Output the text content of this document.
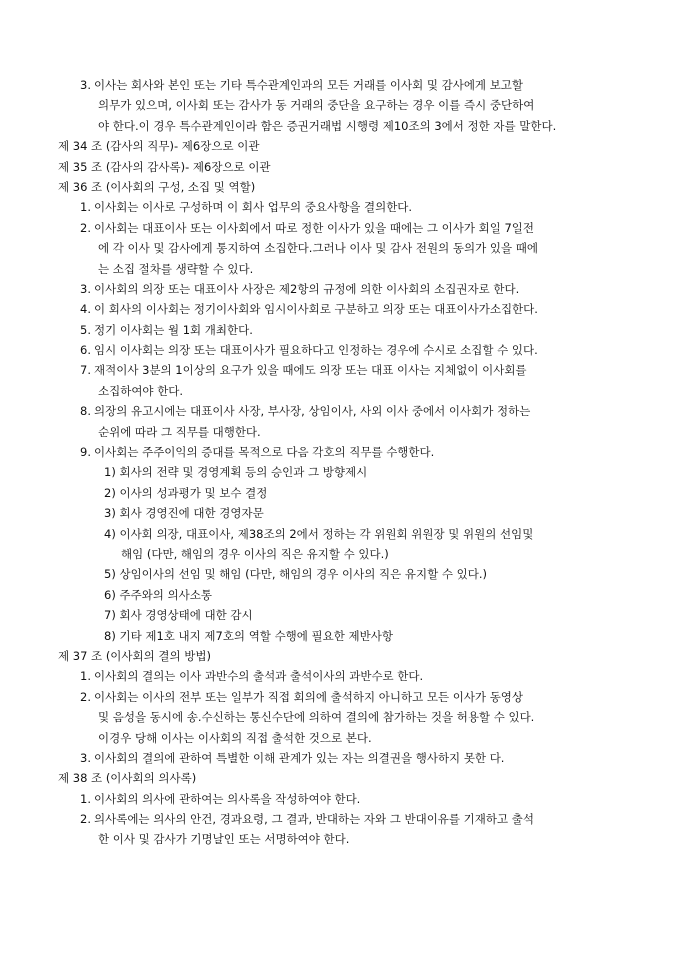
3. 이사는 회사와 본인 또는 기타 특수관계인과의 모든 거래를 이사회 및 감사에게 보고할
의무가 있으며, 이사회 또는 감사가 동 거래의 중단을 요구하는 경우 이를 즉시 중단하여
야 한다.이 경우 특수관계인이라 함은 증권거래법 시행령 제10조의 3에서 정한 자를 말한다.
제 34 조 (감사의 직무)- 제6장으로 이관
제 35 조 (감사의 감사록)- 제6장으로 이관
제 36 조 (이사회의 구성, 소집 및 역할)
1. 이사회는 이사로 구성하며 이 회사 업무의 중요사항을 결의한다.
2. 이사회는 대표이사 또는 이사회에서 따로 정한 이사가 있을 때에는 그 이사가 회일 7일전
에 각 이사 및 감사에게 통지하여 소집한다.그러나 이사 및 감사 전원의 동의가 있을 때에
는 소집 절차를 생략할 수 있다.
3. 이사회의 의장 또는 대표이사 사장은 제2항의 규정에 의한 이사회의 소집권자로 한다.
4. 이 회사의 이사회는 정기이사회와 임시이사회로 구분하고 의장 또는 대표이사가소집한다.
5. 정기 이사회는 월 1회 개최한다.
6. 임시 이사회는 의장 또는 대표이사가 필요하다고 인정하는 경우에 수시로 소집할 수 있다.
7. 재적이사 3분의 1이상의 요구가 있을 때에도 의장 또는 대표 이사는 지체없이 이사회를
소집하여야 한다.
8. 의장의 유고시에는 대표이사 사장, 부사장, 상임이사, 사외 이사 중에서 이사회가 정하는
순위에 따라 그 직무를 대행한다.
9. 이사회는 주주이익의 증대를 목적으로 다음 각호의 직무를 수행한다.
1) 회사의 전략 및 경영계획 등의 승인과 그 방향제시
2) 이사의 성과평가 및 보수 결정
3) 회사 경영진에 대한 경영자문
4) 이사회 의장, 대표이사, 제38조의 2에서 정하는 각 위원회 위원장 및 위원의 선임및
해임 (다만, 해임의 경우 이사의 직은 유지할 수 있다.)
5) 상임이사의 선임 및 해임 (다만, 해임의 경우 이사의 직은 유지할 수 있다.)
6) 주주와의 의사소통
7) 회사 경영상태에 대한 감시
8) 기타 제1호 내지 제7호의 역할 수행에 필요한 제반사항
제 37 조 (이사회의 결의 방법)
1. 이사회의 결의는 이사 과반수의 출석과 출석이사의 과반수로 한다.
2. 이사회는 이사의 전부 또는 일부가 직접 회의에 출석하지 아니하고 모든 이사가 동영상
및 음성을 동시에 송.수신하는 통신수단에 의하여 결의에 참가하는 것을 허용할 수 있다.
이경우 당해 이사는 이사회의 직접 출석한 것으로 본다.
3. 이사회의 결의에 관하여 특별한 이해 관계가 있는 자는 의결권을 행사하지 못한 다.
제 38 조 (이사회의 의사록)
1. 이사회의 의사에 관하여는 의사록을 작성하여야 한다.
2. 의사록에는 의사의 안건, 경과요령, 그 결과, 반대하는 자와 그 반대이유를 기재하고 출석
한 이사 및 감사가 기명날인 또는 서명하여야 한다.
